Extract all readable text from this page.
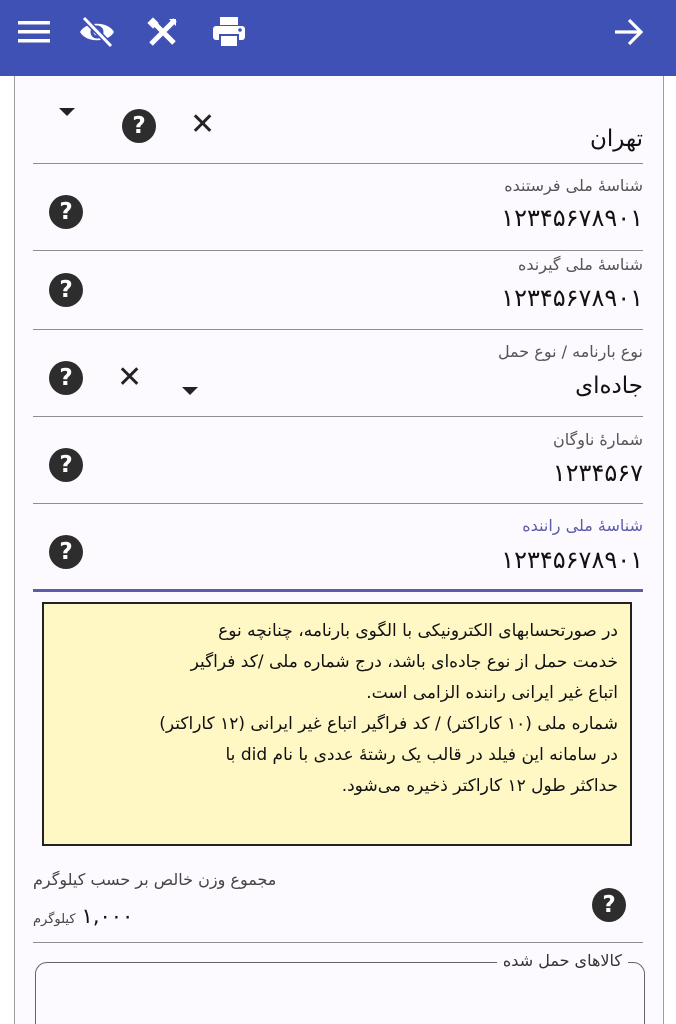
?	✕	تهران
?
شناسهٔ ملی فرستنده
۱۲۳۴۵۶۷۸۹۰۱
?
شناسهٔ ملی گیرنده
۱۲۳۴۵۶۷۸۹۰۱
?	✕
نوع بارنامه / نوع حمل
جاده‌ای
?
شمارهٔ ناوگان
۱۲۳۴۵۶۷
?
شناسهٔ ملی راننده
۱۲۳۴۵۶۷۸۹۰۱

در صورتحسابهای الکترونیکی با الگوی بارنامه، چنانچه نوع

خدمت حمل از نوع جاده‌ای باشد، درج شماره ملی /کد فراگیر

اتباع غیر ایرانی راننده الزامی است.

شماره ملی (۱۰ کاراکتر) / کد فراگیر اتباع غیر ایرانی (۱۲ کاراکتر)

در سامانه این فیلد در قالب یک رشتهٔ عددی با نام did با

حداکثر طول ۱۲ کاراکتر ذخیره می‌شود.

مجموع وزن خالص بر حسب کیلوگرم
کیلوگرم ۱,۰۰۰	?
کالاهای حمل شده
